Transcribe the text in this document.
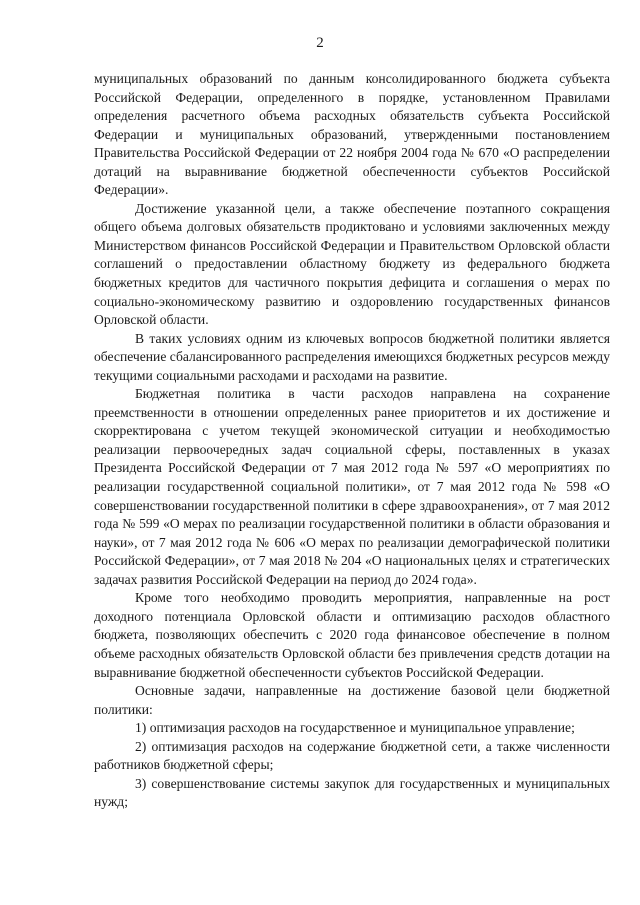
2

муниципальных образований по данным консолидированного бюджета субъекта Российской Федерации, определенного в порядке, установленном Правилами определения расчетного объема расходных обязательств субъекта Российской Федерации и муниципальных образований, утвержденными постановлением Правительства Российской Федерации от 22 ноября 2004 года № 670 «О распределении дотаций на выравнивание бюджетной обеспеченности субъектов Российской Федерации».

Достижение указанной цели, а также обеспечение поэтапного сокращения общего объема долговых обязательств продиктовано и условиями заключенных между Министерством финансов Российской Федерации и Правительством Орловской области соглашений о предоставлении областному бюджету из федерального бюджета бюджетных кредитов для частичного покрытия дефицита и соглашения о мерах по социально-экономическому развитию и оздоровлению государственных финансов Орловской области.

В таких условиях одним из ключевых вопросов бюджетной политики является обеспечение сбалансированного распределения имеющихся бюджетных ресурсов между текущими социальными расходами и расходами на развитие.

Бюджетная политика в части расходов направлена на сохранение преемственности в отношении определенных ранее приоритетов и их достижение и скорректирована с учетом текущей экономической ситуации и необходимостью реализации первоочередных задач социальной сферы, поставленных в указах Президента Российской Федерации от 7 мая 2012 года № 597 «О мероприятиях по реализации государственной социальной политики», от 7 мая 2012 года № 598 «О совершенствовании государственной политики в сфере здравоохранения», от 7 мая 2012 года № 599 «О мерах по реализации государственной политики в области образования и науки», от 7 мая 2012 года № 606 «О мерах по реализации демографической политики Российской Федерации», от 7 мая 2018 № 204 «О национальных целях и стратегических задачах развития Российской Федерации на период до 2024 года».

Кроме того необходимо проводить мероприятия, направленные на рост доходного потенциала Орловской области и оптимизацию расходов областного бюджета, позволяющих обеспечить с 2020 года финансовое обеспечение в полном объеме расходных обязательств Орловской области без привлечения средств дотации на выравнивание бюджетной обеспеченности субъектов Российской Федерации.

Основные задачи, направленные на достижение базовой цели бюджетной политики:

1) оптимизация расходов на государственное и муниципальное управление;

2) оптимизация расходов на содержание бюджетной сети, а также численности работников бюджетной сферы;

3) совершенствование системы закупок для государственных и муниципальных нужд;
